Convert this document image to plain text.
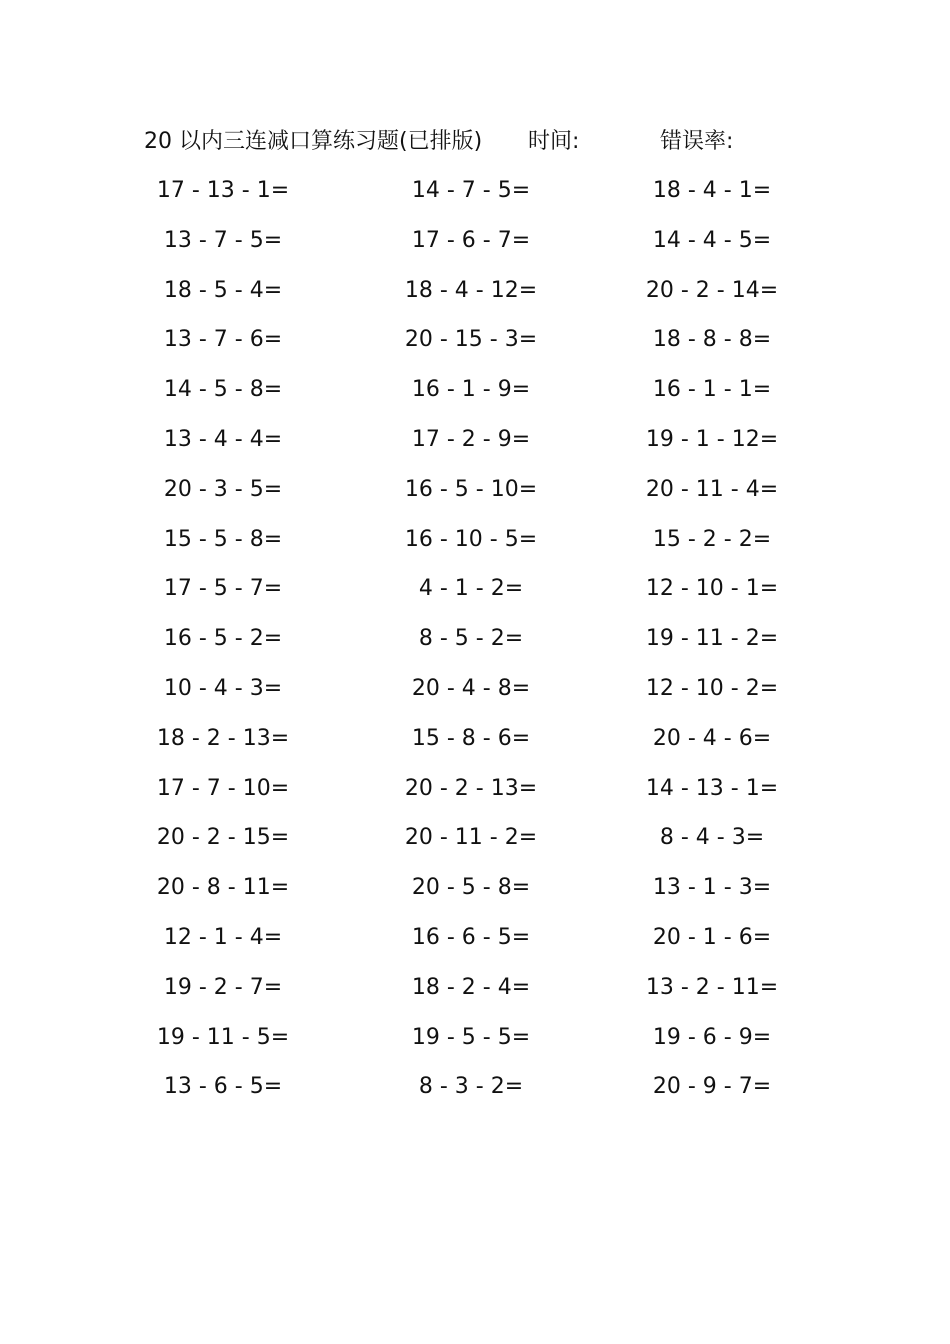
20 以内三连减口算练习题(已排版) 时间:	错误率:
17 - 13 - 1=	14 - 7 - 5=	18 - 4 - 1=
13 - 7 - 5=	17 - 6 - 7=	14 - 4 - 5=
18 - 5 - 4=	18 - 4 - 12=	20 - 2 - 14=
13 - 7 - 6=	20 - 15 - 3=	18 - 8 - 8=
14 - 5 - 8=	16 - 1 - 9=	16 - 1 - 1=
13 - 4 - 4=	17 - 2 - 9=	19 - 1 - 12=
20 - 3 - 5=	16 - 5 - 10=	20 - 11 - 4=
15 - 5 - 8=	16 - 10 - 5=	15 - 2 - 2=
17 - 5 - 7=	4 - 1 - 2=	12 - 10 - 1=
16 - 5 - 2=	8 - 5 - 2=	19 - 11 - 2=
10 - 4 - 3=	20 - 4 - 8=	12 - 10 - 2=
18 - 2 - 13=	15 - 8 - 6=	20 - 4 - 6=
17 - 7 - 10=	20 - 2 - 13=	14 - 13 - 1=
20 - 2 - 15=	20 - 11 - 2=	8 - 4 - 3=
20 - 8 - 11=	20 - 5 - 8=	13 - 1 - 3=
12 - 1 - 4=	16 - 6 - 5=	20 - 1 - 6=
19 - 2 - 7=	18 - 2 - 4=	13 - 2 - 11=
19 - 11 - 5=	19 - 5 - 5=	19 - 6 - 9=
13 - 6 - 5=	8 - 3 - 2=	20 - 9 - 7=
